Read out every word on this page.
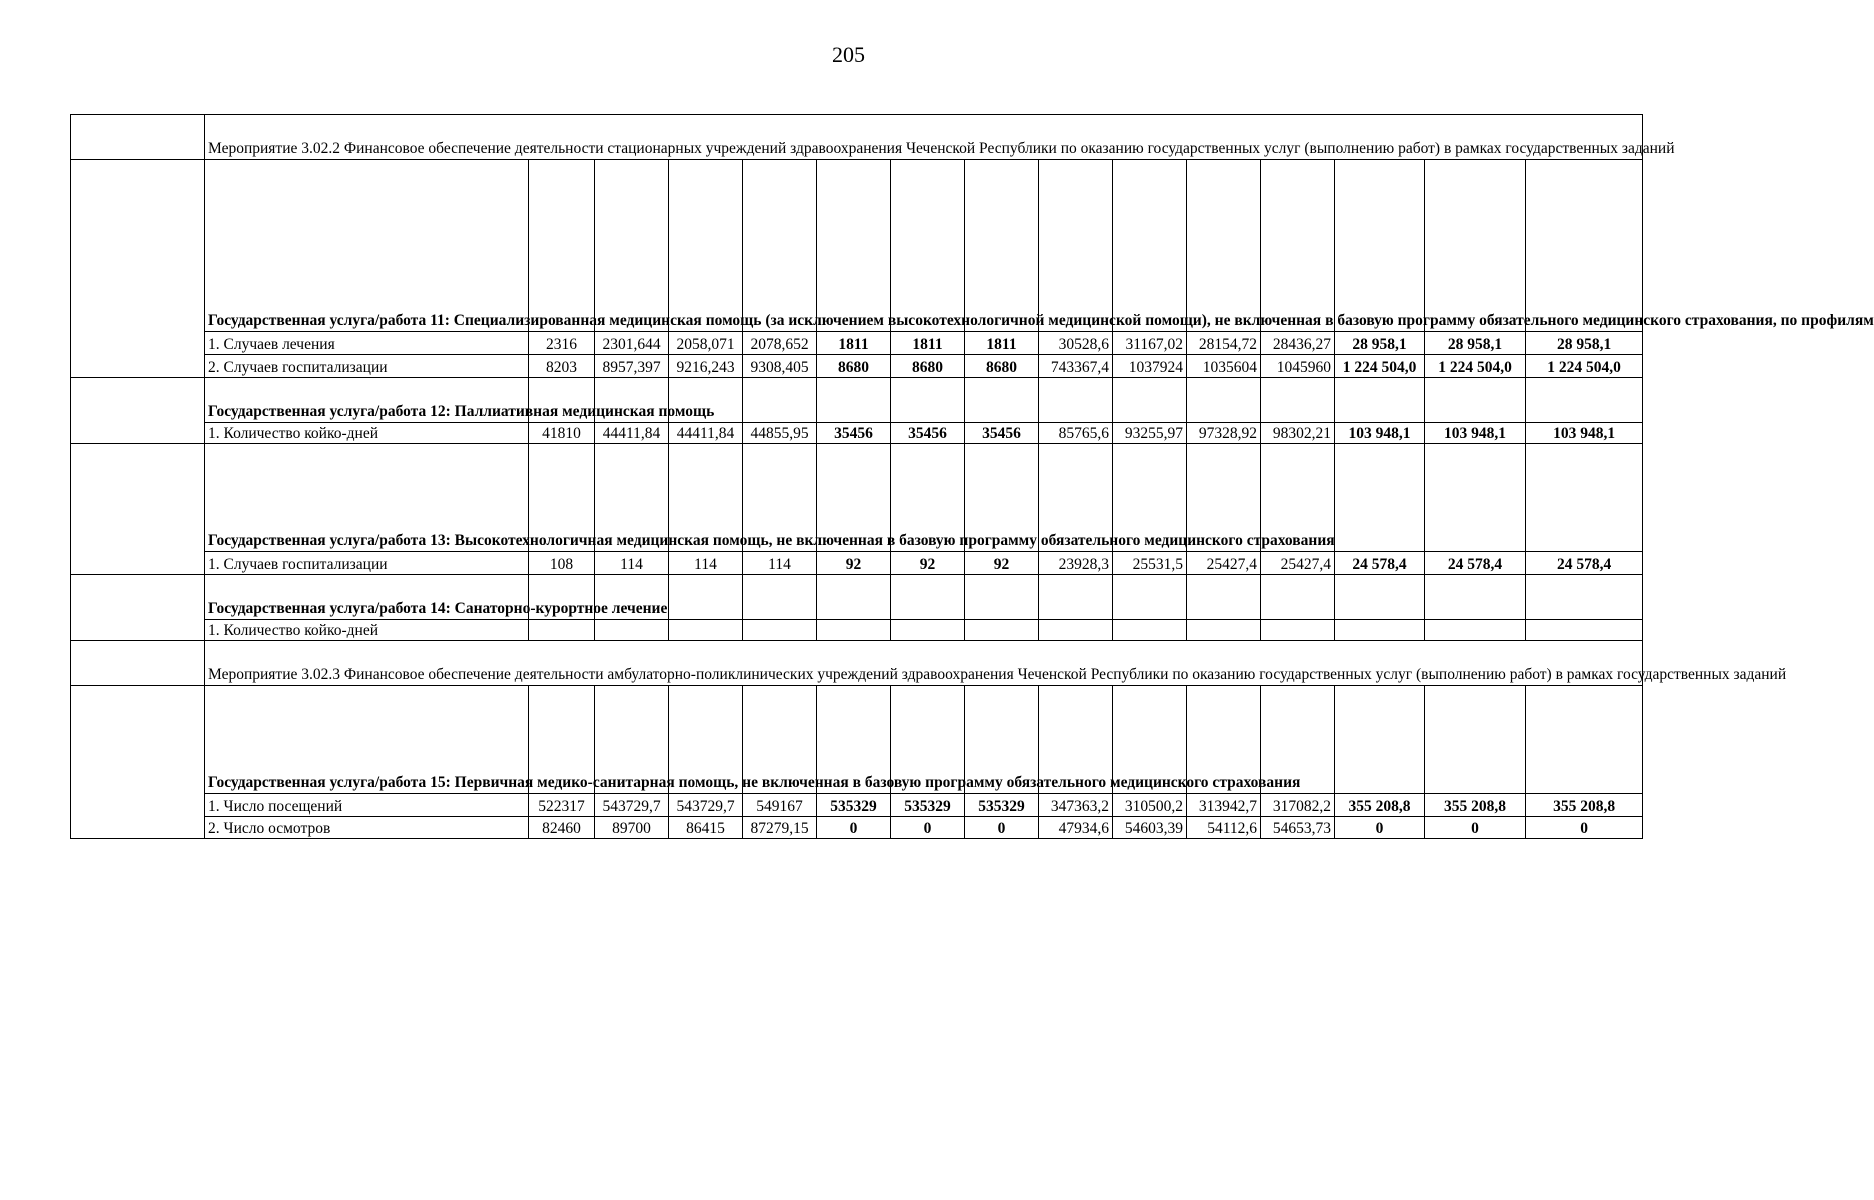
205
	Мероприятие 3.02.2 Финансовое обеспечение деятельности стационарных учреждений здравоохранения Чеченской Республики по оказанию государственных услуг (выполнению работ) в рамках государственных заданий														
	Государственная услуга/работа 11: Специализированная медицинская помощь (за исключением высокотехнологичной медицинской помощи), не включенная в базовую программу обязательного медицинского страхования, по профилям														
	1. Случаев лечения	2316	2301,644	2058,071	2078,652	1811	1811	1811	30528,6	31167,02	28154,72	28436,27	28 958,1	28 958,1	28 958,1
	2. Случаев госпитализации	8203	8957,397	9216,243	9308,405	8680	8680	8680	743367,4	1037924	1035604	1045960	1 224 504,0	1 224 504,0	1 224 504,0
	Государственная услуга/работа 12: Паллиативная медицинская помощь														
	1. Количество койко-дней	41810	44411,84	44411,84	44855,95	35456	35456	35456	85765,6	93255,97	97328,92	98302,21	103 948,1	103 948,1	103 948,1
	Государственная услуга/работа 13: Высокотехнологичная медицинская помощь, не включенная в базовую программу обязательного медицинского страхования														
	1. Случаев госпитализации	108	114	114	114	92	92	92	23928,3	25531,5	25427,4	25427,4	24 578,4	24 578,4	24 578,4
	Государственная услуга/работа 14: Санаторно-курортное лечение														
	1. Количество койко-дней														
	Мероприятие 3.02.3 Финансовое обеспечение деятельности амбулаторно-поликлинических учреждений здравоохранения Чеченской Республики по оказанию государственных услуг (выполнению работ) в рамках государственных заданий														
	Государственная услуга/работа 15: Первичная медико-санитарная помощь, не включенная в базовую программу обязательного медицинского страхования														
	1. Число посещений	522317	543729,7	543729,7	549167	535329	535329	535329	347363,2	310500,2	313942,7	317082,2	355 208,8	355 208,8	355 208,8
	2. Число осмотров	82460	89700	86415	87279,15	0	0	0	47934,6	54603,39	54112,6	54653,73	0	0	0
